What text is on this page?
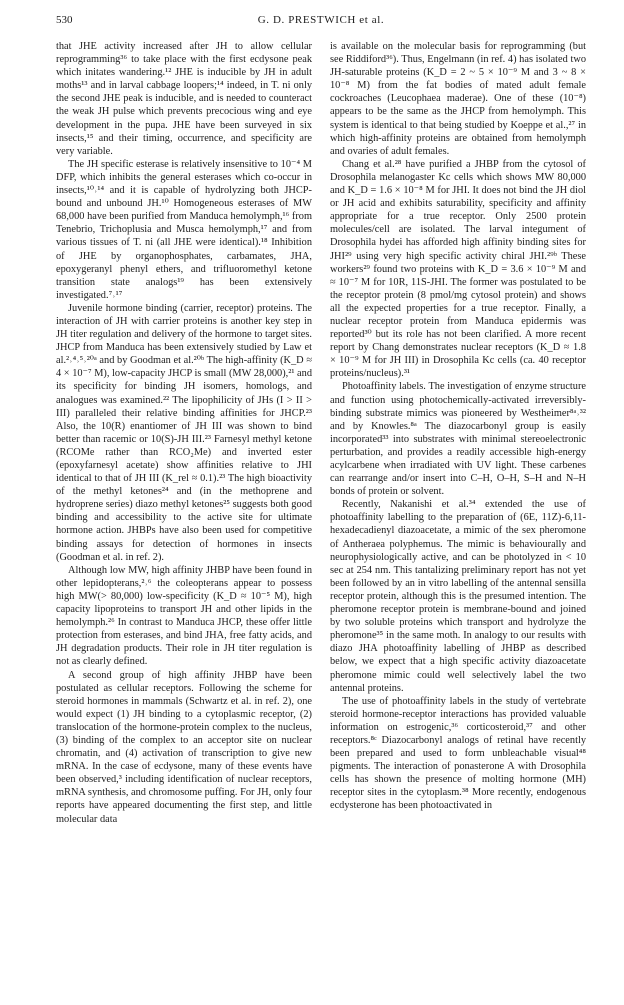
530	G. D. PRESTWICH et al.

that JHE activity increased after JH to allow cellular reprogramming³⁶ to take place with the first ecdysone peak which initates wandering.¹² JHE is inducible by JH in adult moths¹³ and in larval cabbage loopers;¹⁴ indeed, in T. ni only the second JHE peak is inducible, and is needed to counteract the weak JH pulse which prevents precocious wing and eye development in the pupa. JHE have been surveyed in six insects,¹⁵ and their timing, occurrence, and specificity are very variable.

The JH specific esterase is relatively insensitive to 10⁻⁴ M DFP, which inhibits the general esterases which co-occur in insects,¹⁰˒¹⁴ and it is capable of hydrolyzing both JHCP-bound and unbound JH.¹⁰ Homogeneous esterases of MW 68,000 have been purified from Manduca hemolymph,¹⁶ from Tenebrio, Trichoplusia and Musca hemolymph,¹⁷ and from various tissues of T. ni (all JHE were identical).¹⁸ Inhibition of JHE by organophosphates, carbamates, JHA, epoxygeranyl phenyl ethers, and trifluoromethyl ketone transition state analogs¹⁹ has been extensively investigated.⁷˒¹⁷

Juvenile hormone binding (carrier, receptor) proteins. The interaction of JH with carrier proteins is another key step in JH titer regulation and delivery of the hormone to target sites. JHCP from Manduca has been extensively studied by Law et al.²˒⁴˒⁵˒²⁰ᵃ and by Goodman et al.²⁰ᵇ The high-affinity (K_D ≈ 4 × 10⁻⁷ M), low-capacity JHCP is small (MW 28,000),²¹ and its specificity for binding JH isomers, homologs, and analogues was examined.²² The lipophilicity of JHs (I > II > III) paralleled their relative binding affinities for JHCP.²³ Also, the 10(R) enantiomer of JH III was shown to bind better than racemic or 10(S)-JH III.²³ Farnesyl methyl ketone (RCOMe rather than RCO₂Me) and inverted ester (epoxyfarnesyl acetate) show affinities relative to JHI identical to that of JH III (K_rel ≈ 0.1).²³ The high bioactivity of the methyl ketones²⁴ and (in the methoprene and hydroprene series) diazo methyl ketones²⁵ suggests both good binding and accessibility to the active site for ultimate hormone action. JHBPs have also been used for competitive binding assays for detection of hormones in insects (Goodman et al. in ref. 2).

Although low MW, high affinity JHBP have been found in other lepidopterans,²˒⁶ the coleopterans appear to possess high MW(> 80,000) low-specificity (K_D ≈ 10⁻⁵ M), high capacity lipoproteins to transport JH and other lipids in the hemolymph.²⁶ In contrast to Manduca JHCP, these offer little protection from esterases, and bind JHA, free fatty acids, and JH degradation products. Their role in JH titer regulation is not as clearly defined.

A second group of high affinity JHBP have been postulated as cellular receptors. Following the scheme for steroid hormones in mammals (Schwartz et al. in ref. 2), one would expect (1) JH binding to a cytoplasmic receptor, (2) translocation of the hormone-protein complex to the nucleus, (3) binding of the complex to an acceptor site on nuclear chromatin, and (4) activation of transcription to give new mRNA. In the case of ecdysone, many of these events have been observed,³ including identification of nuclear receptors, mRNA synthesis, and chromosome puffing. For JH, only four reports have appeared documenting the first step, and little molecular data

is available on the molecular basis for reprogramming (but see Riddiford³⁶). Thus, Engelmann (in ref. 4) has isolated two JH-saturable proteins (K_D = 2 ~ 5 × 10⁻⁹ M and 3 ~ 8 × 10⁻⁸ M) from the fat bodies of mated adult female cockroaches (Leucophaea maderae). One of these (10⁻⁸) appears to be the same as the JHCP from hemolymph. This system is identical to that being studied by Koeppe et al.,²⁷ in which high-affinity proteins are obtained from hemolymph and ovaries of adult females.

Chang et al.²⁸ have purified a JHBP from the cytosol of Drosophila melanogaster Kc cells which shows MW 80,000 and K_D = 1.6 × 10⁻⁸ M for JHI. It does not bind the JH diol or JH acid and exhibits saturability, specificity and affinity appropriate for a true receptor. Only 2500 protein molecules/cell are isolated. The larval integument of Drosophila hydei has afforded high affinity binding sites for JHI²⁹ using very high specific activity chiral JHI.²⁹ᵇ These workers²⁹ found two proteins with K_D = 3.6 × 10⁻⁹ M and ≈ 10⁻⁷ M for 10R, 11S-JHI. The former was postulated to be the receptor protein (8 pmol/mg cytosol protein) and shows all the expected properties for a true receptor. Finally, a nuclear receptor protein from Manduca epidermis was reported³⁰ but its role has not been clarified. A more recent report by Chang demonstrates nuclear receptors (K_D ≈ 1.8 × 10⁻⁹ M for JH III) in Drosophila Kc cells (ca. 40 receptor proteins/nucleus).³¹

Photoaffinity labels. The investigation of enzyme structure and function using photochemically-activated irreversibly-binding substrate mimics was pioneered by Westheimer⁸ᵃ˒³² and by Knowles.⁸ᵃ The diazocarbonyl group is easily incorporated³³ into substrates with minimal stereoelectronic perturbation, and provides a readily accessible high-energy acylcarbene when irradiated with UV light. These carbenes can rearrange and/or insert into C–H, O–H, S–H and N–H bonds of protein or solvent.

Recently, Nakanishi et al.³⁴ extended the use of photoaffinity labelling to the preparation of (6E, 11Z)-6,11-hexadecadienyl diazoacetate, a mimic of the sex pheromone of Antheraea polyphemus. The mimic is behaviourally and neurophysiologically active, and can be photolyzed in < 10 sec at 254 nm. This tantalizing preliminary report has not yet been followed by an in vitro labelling of the antennal sensilla receptor protein, although this is the presumed intention. The pheromone receptor protein is membrane-bound and joined by two soluble proteins which transport and hydrolyze the pheromone³⁵ in the same moth. In analogy to our results with diazo JHA photoaffinity labelling of JHBP as described below, we expect that a high specific activity diazoacetate pheromone mimic could well selectively label the two antennal proteins.

The use of photoaffinity labels in the study of vertebrate steroid hormone-receptor interactions has provided valuable information on estrogenic,³⁶ corticosteroid,³⁷ and other receptors.⁸ᶜ Diazocarbonyl analogs of retinal have recently been prepared and used to form unbleachable visual⁴⁸ pigments. The interaction of ponasterone A with Drosophila cells has shown the presence of molting hormone (MH) receptor sites in the cytoplasm.³⁸ More recently, endogenous ecdysterone has been photoactivated in
